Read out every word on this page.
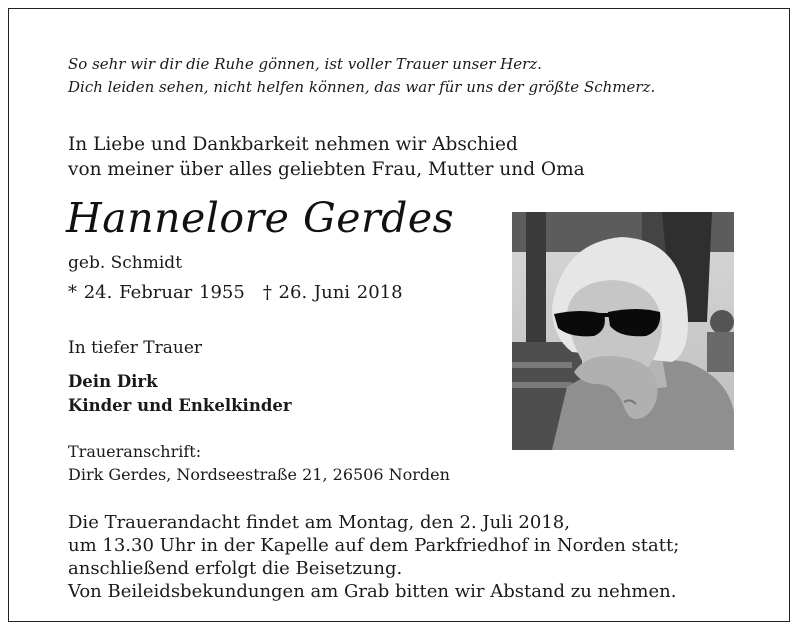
So sehr wir dir die Ruhe gönnen, ist voller Trauer unser Herz.
Dich leiden sehen, nicht helfen können, das war für uns der größte Schmerz.
In Liebe und Dankbarkeit nehmen wir Abschied
von meiner über alles geliebten Frau, Mutter und Oma
Hannelore Gerdes
geb. Schmidt
* 24. Februar 1955 † 26. Juni 2018
In tiefer Trauer
Dein Dirk
Kinder und Enkelkinder
Traueranschrift:
Dirk Gerdes, Nordseestraße 21, 26506 Norden
Die Trauerandacht findet am Montag, den 2. Juli 2018,
um 13.30 Uhr in der Kapelle auf dem Parkfriedhof in Norden statt;
anschließend erfolgt die Beisetzung.
Von Beileidsbekundungen am Grab bitten wir Abstand zu nehmen.
